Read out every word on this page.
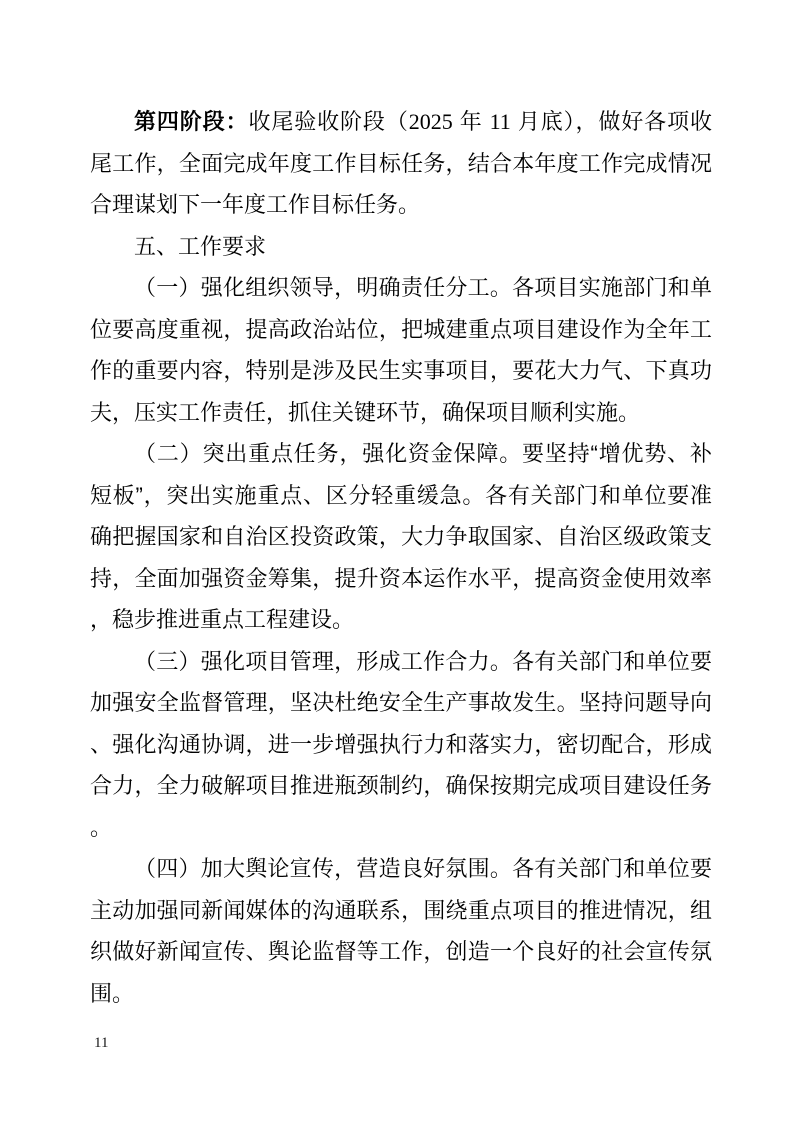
第四阶段：收尾验收阶段（2025 年 11 月底），做好各项收尾工作，全面完成年度工作目标任务，结合本年度工作完成情况合理谋划下一年度工作目标任务。

五、工作要求

（一）强化组织领导，明确责任分工。各项目实施部门和单位要高度重视，提高政治站位，把城建重点项目建设作为全年工作的重要内容，特别是涉及民生实事项目，要花大力气、下真功夫，压实工作责任，抓住关键环节，确保项目顺利实施。

（二）突出重点任务，强化资金保障。要坚持“增优势、补短板”，突出实施重点、区分轻重缓急。各有关部门和单位要准确把握国家和自治区投资政策，大力争取国家、自治区级政策支持，全面加强资金筹集，提升资本运作水平，提高资金使用效率，稳步推进重点工程建设。

（三）强化项目管理，形成工作合力。各有关部门和单位要加强安全监督管理，坚决杜绝安全生产事故发生。坚持问题导向、强化沟通协调，进一步增强执行力和落实力，密切配合，形成合力，全力破解项目推进瓶颈制约，确保按期完成项目建设任务。

（四）加大舆论宣传，营造良好氛围。各有关部门和单位要主动加强同新闻媒体的沟通联系，围绕重点项目的推进情况，组织做好新闻宣传、舆论监督等工作，创造一个良好的社会宣传氛围。

11
